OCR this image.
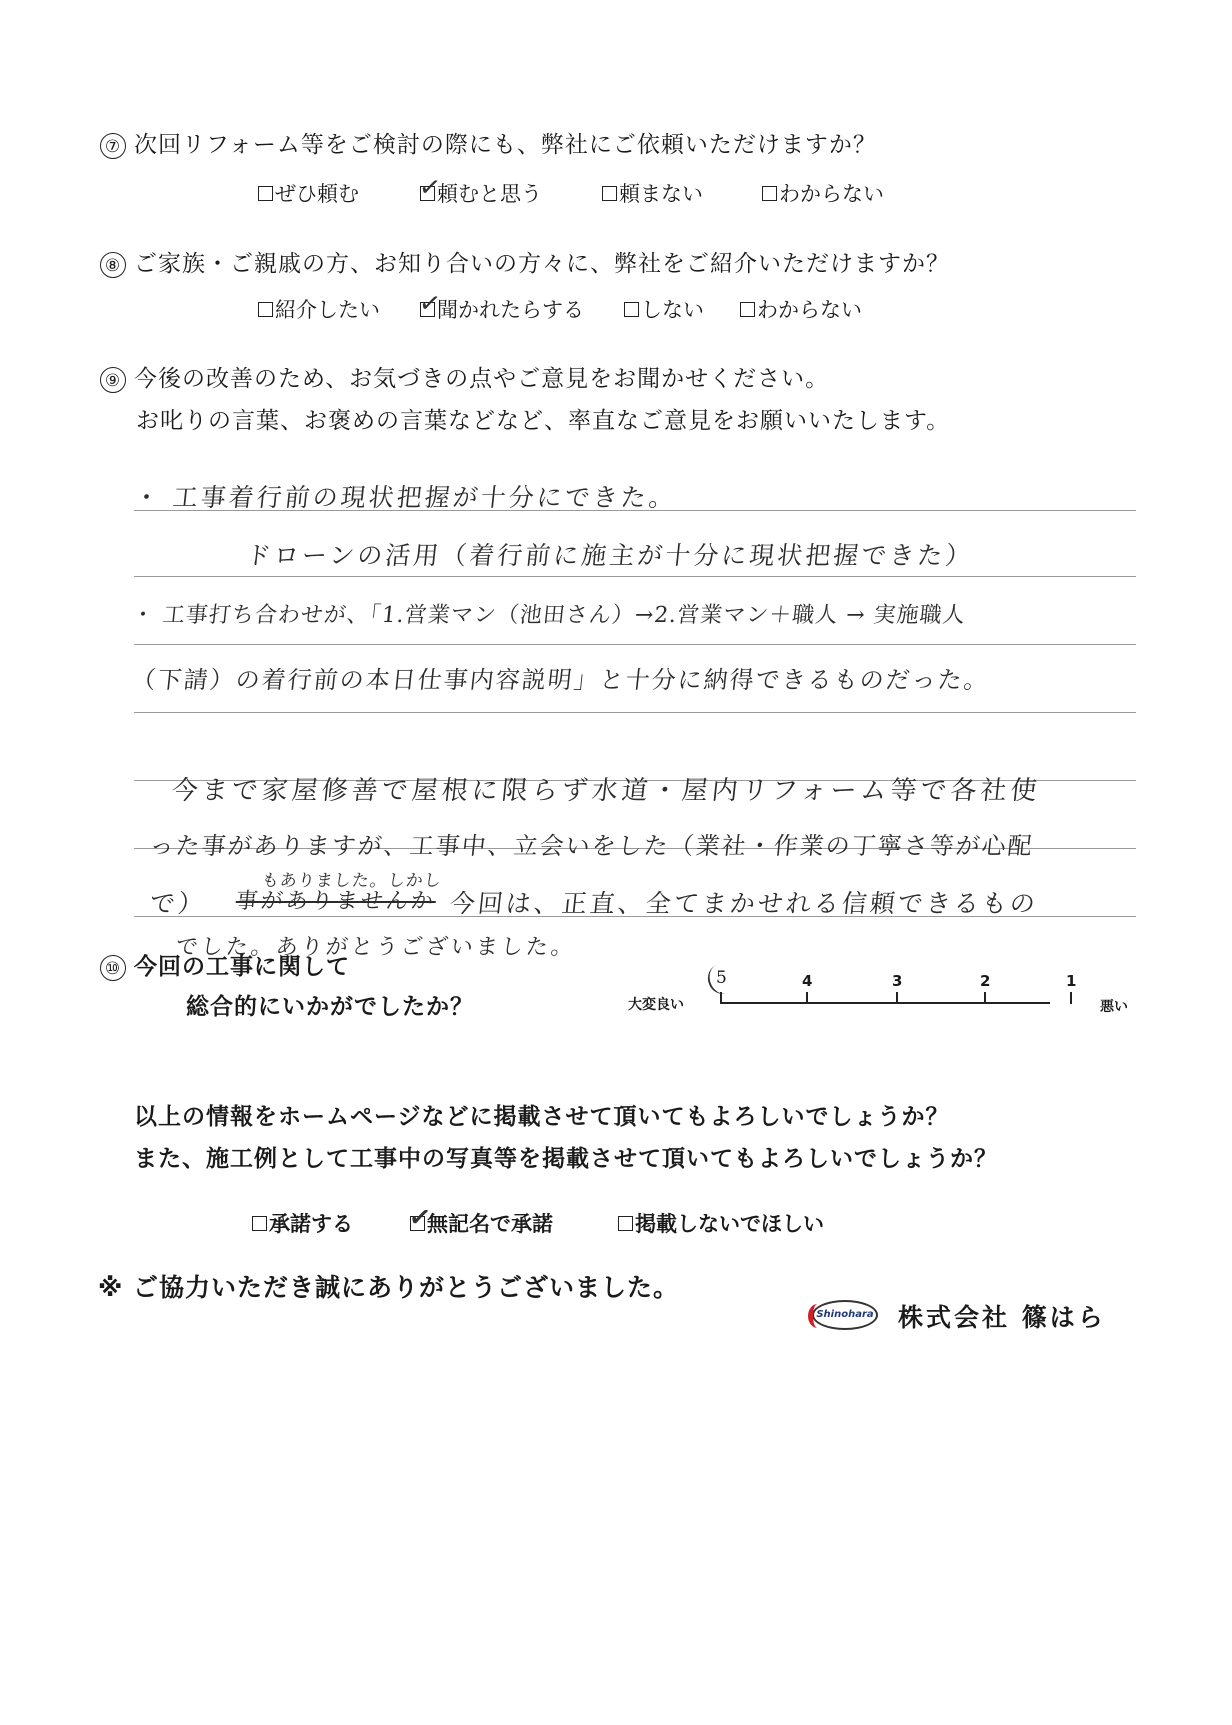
⑦ 次回リフォーム等をご検討の際にも、弊社にご依頼いただけますか？
ぜひ頼む ✓
頼むと思う	頼まない	わからない
⑧ ご家族・ご親戚の方、お知り合いの方々に、弊社をご紹介いただけますか？
紹介したい ✓
聞かれたらする	しない	わからない
⑨ 今後の改善のため、お気づきの点やご意見をお聞かせください。
お叱りの言葉、お褒めの言葉などなど、率直なご意見をお願いいたします。
・ 工事着行前の現状把握が十分にできた。
ドローンの活用（着行前に施主が十分に現状把握できた）
・ 工事打ち合わせが、「1.営業マン（池田さん）→2.営業マン＋職人 → 実施職人
（下請）の着行前の本日仕事内容説明」と十分に納得できるものだった。
今まで家屋修善で屋根に限らず水道・屋内リフォーム等で各社使
った事がありますが、工事中、立会いをした（業社・作業の丁寧さ等が心配
もありました。しかし
で） 事がありませんか 今回は、正直、全てまかせれる信頼できるもの
でした。ありがとうございました。
⑩ 今回の工事に関して
総合的にいかがでしたか？	大変良い
5	4	3	2	1
悪い
以上の情報をホームページなどに掲載させて頂いてもよろしいでしょうか？
また、施工例として工事中の写真等を掲載させて頂いてもよろしいでしょうか？
承諾する ✓
無記名で承諾	掲載しないでほしい
※ ご協力いただき誠にありがとうございました。
Shinohara 株式会社 篠はら
